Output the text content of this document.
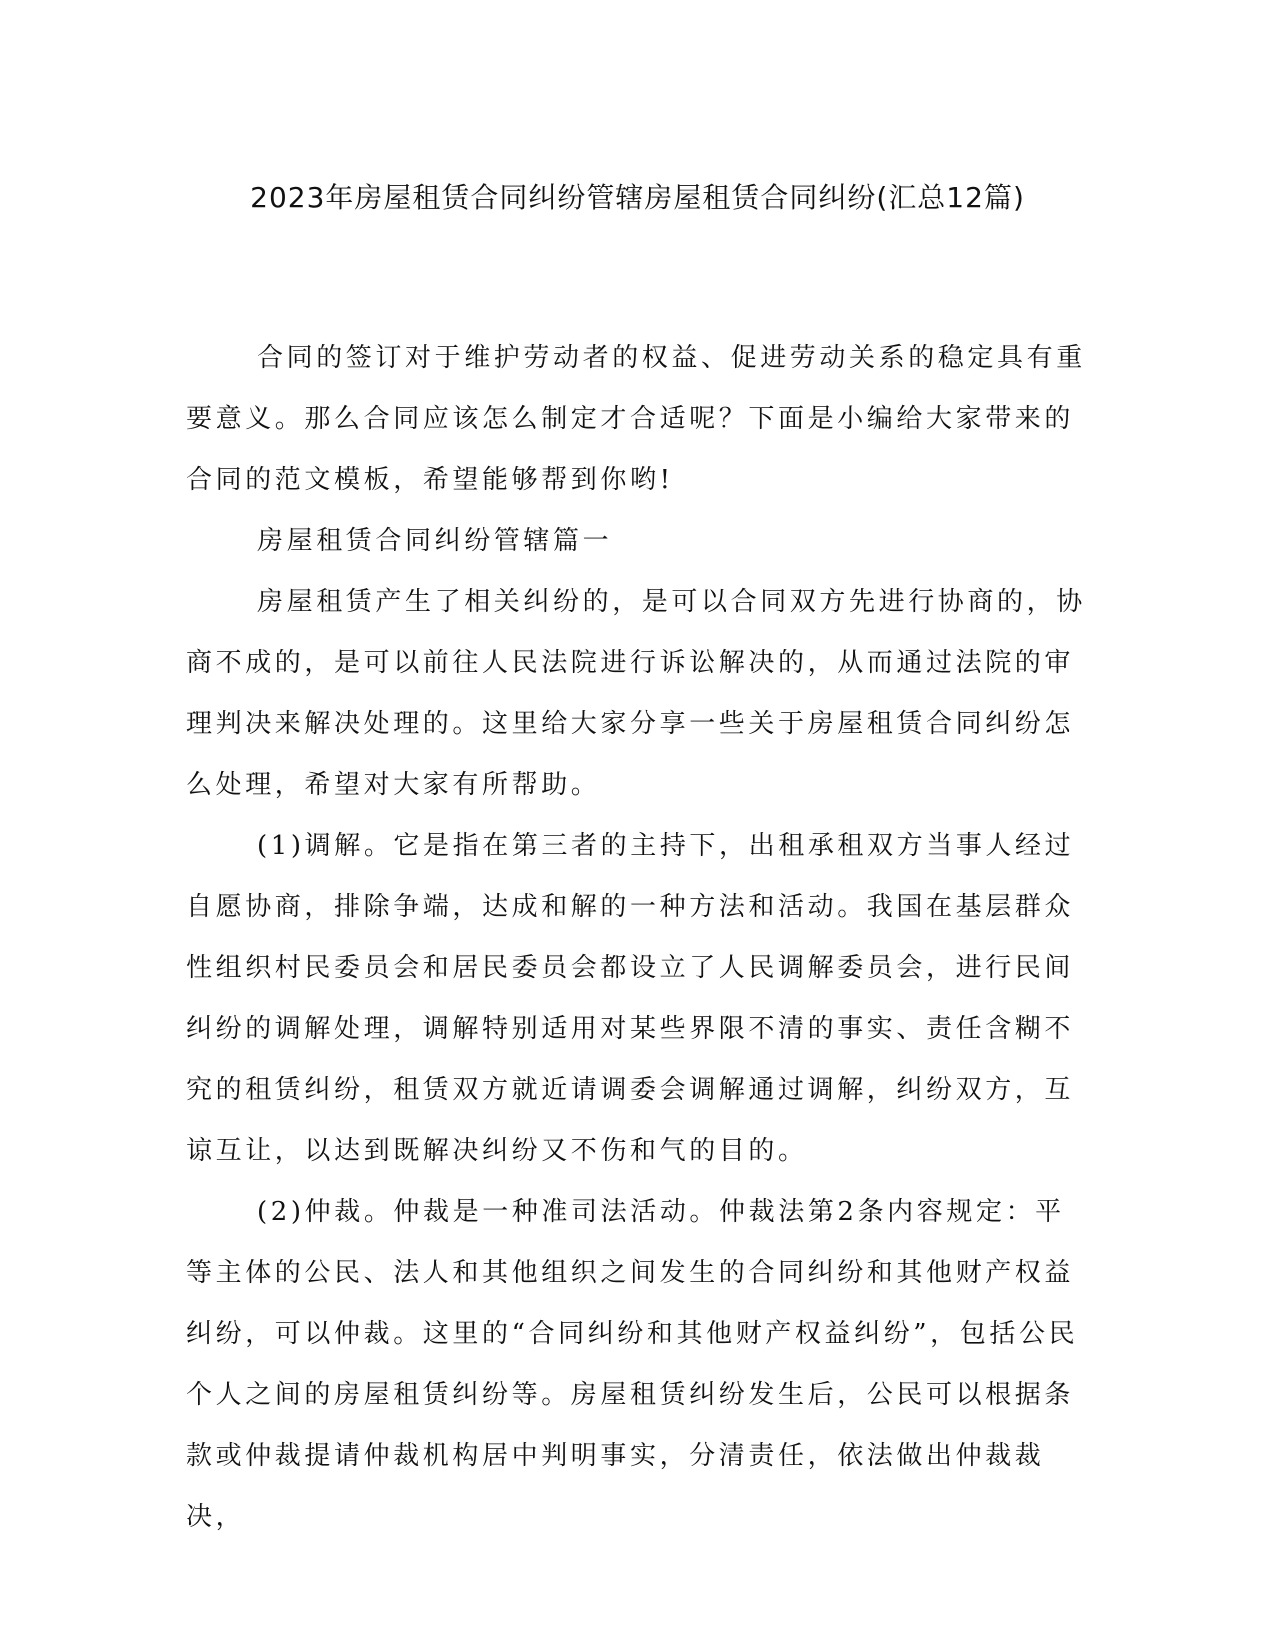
2023年房屋租赁合同纠纷管辖房屋租赁合同纠纷(汇总12篇)

合同的签订对于维护劳动者的权益、促进劳动关系的稳定具有重要意义。那么合同应该怎么制定才合适呢？下面是小编给大家带来的合同的范文模板，希望能够帮到你哟!

房屋租赁合同纠纷管辖篇一

房屋租赁产生了相关纠纷的，是可以合同双方先进行协商的，协商不成的，是可以前往人民法院进行诉讼解决的，从而通过法院的审理判决来解决处理的。这里给大家分享一些关于房屋租赁合同纠纷怎么处理，希望对大家有所帮助。

(1)调解。它是指在第三者的主持下，出租承租双方当事人经过自愿协商，排除争端，达成和解的一种方法和活动。我国在基层群众性组织村民委员会和居民委员会都设立了人民调解委员会，进行民间纠纷的调解处理，调解特别适用对某些界限不清的事实、责任含糊不究的租赁纠纷，租赁双方就近请调委会调解通过调解，纠纷双方，互谅互让，以达到既解决纠纷又不伤和气的目的。

(2)仲裁。仲裁是一种准司法活动。仲裁法第2条内容规定：平等主体的公民、法人和其他组织之间发生的合同纠纷和其他财产权益纠纷，可以仲裁。这里的“合同纠纷和其他财产权益纠纷”，包括公民个人之间的房屋租赁纠纷等。房屋租赁纠纷发生后，公民可以根据条款或仲裁提请仲裁机构居中判明事实，分清责任，依法做出仲裁裁决，
